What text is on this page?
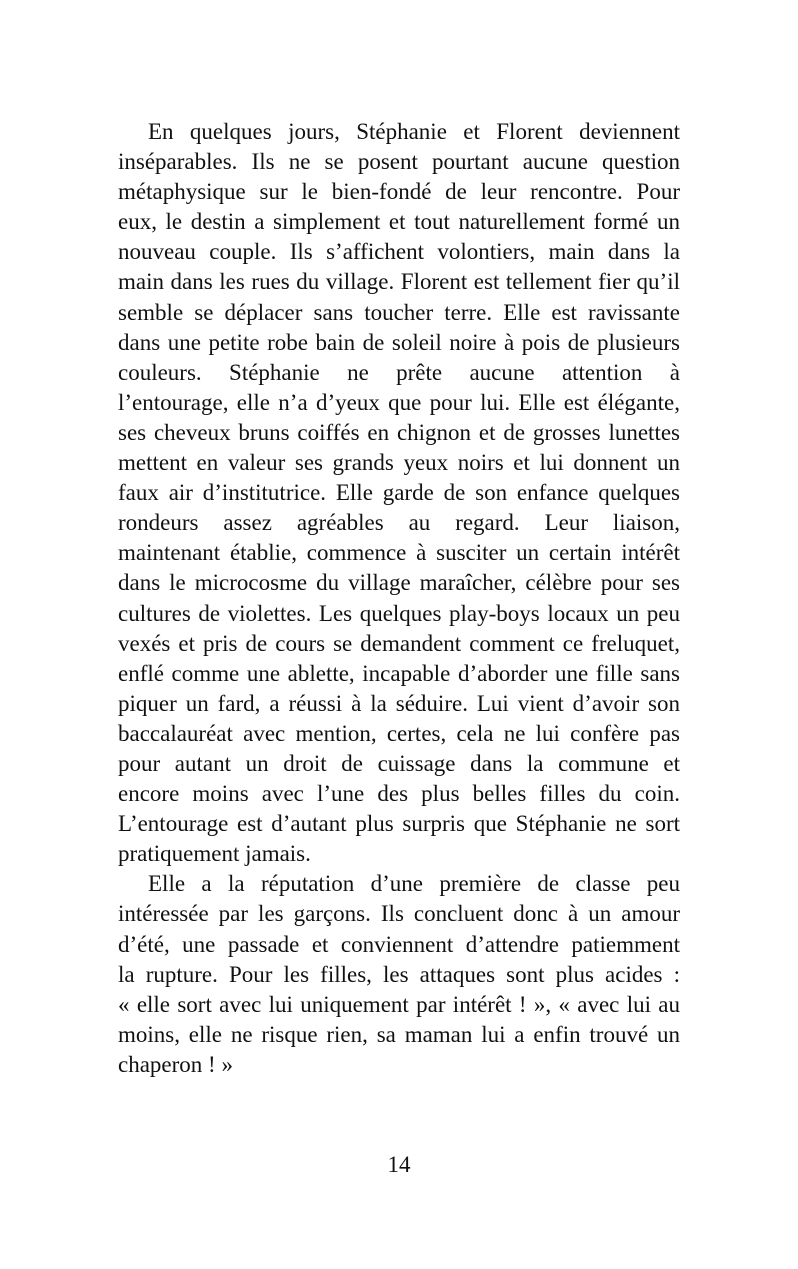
En quelques jours, Stéphanie et Florent deviennent
inséparables. Ils ne se posent pourtant aucune question
métaphysique sur le bien-fondé de leur rencontre. Pour
eux, le destin a simplement et tout naturellement formé un
nouveau couple. Ils s’affichent volontiers, main dans la
main dans les rues du village. Florent est tellement fier qu’il
semble se déplacer sans toucher terre. Elle est ravissante
dans une petite robe bain de soleil noire à pois de plusieurs
couleurs. Stéphanie ne prête aucune attention à
l’entourage, elle n’a d’yeux que pour lui. Elle est élégante,
ses cheveux bruns coiffés en chignon et de grosses lunettes
mettent en valeur ses grands yeux noirs et lui donnent un
faux air d’institutrice. Elle garde de son enfance quelques
rondeurs assez agréables au regard. Leur liaison,
maintenant établie, commence à susciter un certain intérêt
dans le microcosme du village maraîcher, célèbre pour ses
cultures de violettes. Les quelques play-boys locaux un peu
vexés et pris de cours se demandent comment ce freluquet,
enflé comme une ablette, incapable d’aborder une fille sans
piquer un fard, a réussi à la séduire. Lui vient d’avoir son
baccalauréat avec mention, certes, cela ne lui confère pas
pour autant un droit de cuissage dans la commune et
encore moins avec l’une des plus belles filles du coin.
L’entourage est d’autant plus surpris que Stéphanie ne sort
pratiquement jamais.

Elle a la réputation d’une première de classe peu
intéressée par les garçons. Ils concluent donc à un amour
d’été, une passade et conviennent d’attendre patiemment
la rupture. Pour les filles, les attaques sont plus acides :
« elle sort avec lui uniquement par intérêt ! », « avec lui au
moins, elle ne risque rien, sa maman lui a enfin trouvé un
chaperon ! »

14
